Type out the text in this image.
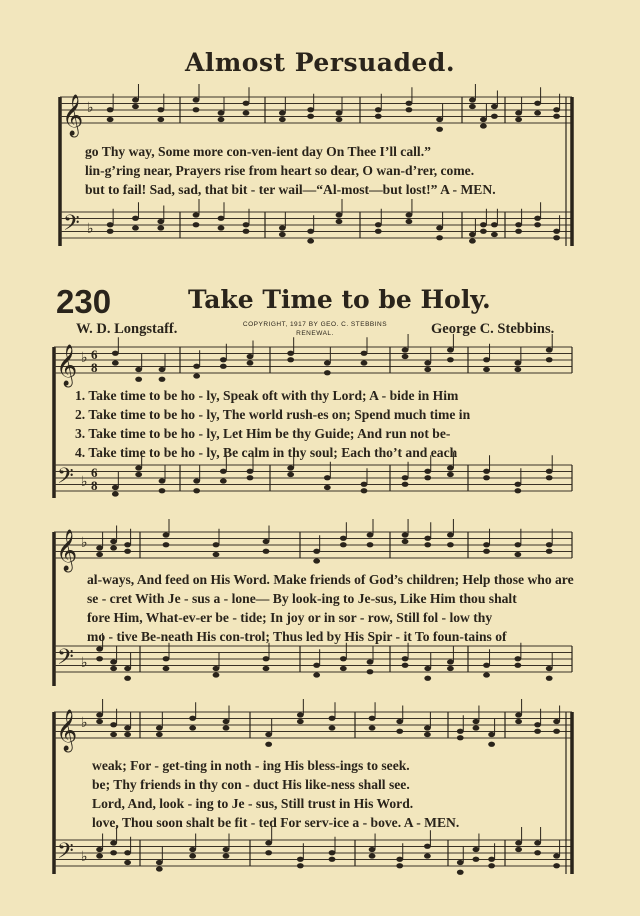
𝄞 ♭
𝄢 ♭
𝄞 ♭ 6
8
𝄢 ♭
6
8
𝄞 ♭
𝄢 ♭
𝄞 ♭
𝄢 ♭
Almost Persuaded.
go Thy way, Some more con-ven-ient day On Thee I’ll call.”
lin-g’ring near, Prayers rise from heart so dear, O wan-d’rer, come.
but to fail! Sad, sad, that bit - ter wail—“Al-most—but lost!” A - MEN.
230	Take Time to be Holy.
W. D. Longstaff.	COPYRIGHT, 1917 BY GEO. C. STEBBINS
RENEWAL.	George C. Stebbins.
1. Take time to be ho - ly, Speak oft with thy Lord; A - bide in Him
2. Take time to be ho - ly, The world rush-es on; Spend much time in
3. Take time to be ho - ly, Let Him be thy Guide; And run not be-
4. Take time to be ho - ly, Be calm in thy soul; Each tho’t and each
al-ways, And feed on His Word. Make friends of God’s children; Help those who are
se - cret With Je - sus a - lone— By look-ing to Je-sus, Like Him thou shalt
fore Him, What-ev-er be - tide; In joy or in sor - row, Still fol - low thy
mo - tive Be-neath His con-trol; Thus led by His Spir - it To foun-tains of
weak; For - get-ting in noth - ing His bless-ings to seek.
be; Thy friends in thy con - duct His like-ness shall see.
Lord, And, look - ing to Je - sus, Still trust in His Word.
love, Thou soon shalt be fit - ted For serv-ice a - bove. A - MEN.
